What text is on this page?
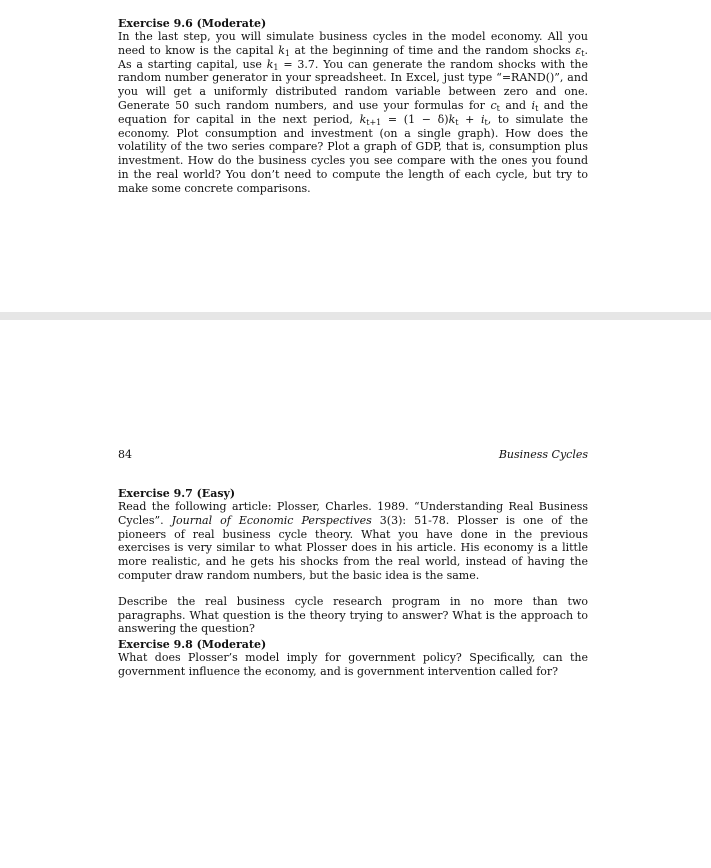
Exercise 9.6 (Moderate)

In the last step, you will simulate business cycles in the model economy. All you need to know is the capital $k_1$ at the beginning of time and the random shocks $\varepsilon_t$. As a starting capital, use $k_1 = 3.7$. You can generate the random shocks with the random number generator in your spreadsheet. In Excel, just type “=RAND()”, and you will get a uniformly distributed random variable between zero and one. Generate 50 such random numbers, and use your formulas for $c_t$ and $i_t$ and the equation for capital in the next period, $k_{t+1} = (1 - \delta)k_t + i_t$, to simulate the economy. Plot consumption and investment (on a single graph). How does the volatility of the two series compare? Plot a graph of GDP, that is, consumption plus investment. How do the business cycles you see compare with the ones you found in the real world? You don’t need to compute the length of each cycle, but try to make some concrete comparisons.

84	Business Cycles

Exercise 9.7 (Easy)

Read the following article: Plosser, Charles. 1989. “Understanding Real Business Cycles”. Journal of Economic Perspectives 3(3): 51-78. Plosser is one of the pioneers of real business cycle theory. What you have done in the previous exercises is very similar to what Plosser does in his article. His economy is a little more realistic, and he gets his shocks from the real world, instead of having the computer draw random numbers, but the basic idea is the same.

Describe the real business cycle research program in no more than two paragraphs. What question is the theory trying to answer? What is the approach to answering the question?

Exercise 9.8 (Moderate)

What does Plosser’s model imply for government policy? Specifically, can the government influence the economy, and is government intervention called for?
